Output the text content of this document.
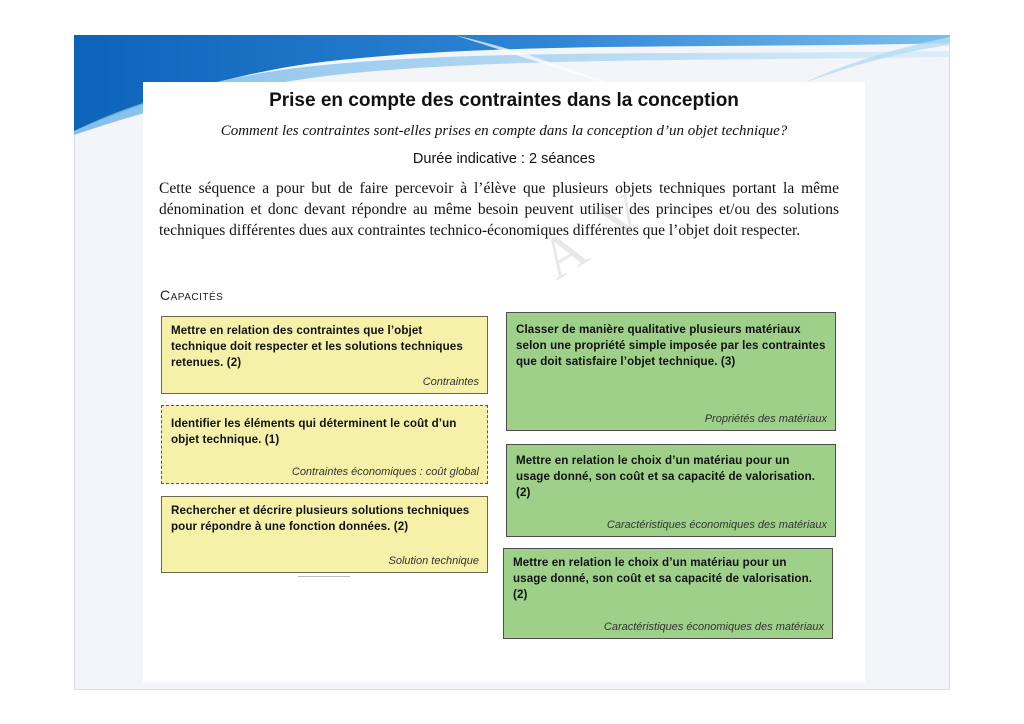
Prise en compte des contraintes dans la conception
Comment les contraintes sont-elles prises en compte dans la conception d’un objet technique?
Durée indicative : 2 séances

Cette séquence a pour but de faire percevoir à l’élève que plusieurs objets techniques portant la même dénomination et donc devant répondre au même besoin peuvent utiliser des principes et/ou des solutions techniques différentes dues aux contraintes technico-économiques différentes que l’objet doit respecter.

Capacités
A V
Mettre en relation des contraintes que l’objet technique doit respecter et les solutions techniques retenues. (2)
Contraintes
Identifier les éléments qui déterminent le coût d’un objet technique. (1)
Contraintes économiques : coût global
Rechercher et décrire plusieurs solutions techniques pour répondre à une fonction données. (2)
Solution technique
Classer de manière qualitative plusieurs matériaux selon une propriété simple imposée par les contraintes que doit satisfaire l’objet technique. (3)
Propriétés des matériaux
Mettre en relation le choix d’un matériau pour un usage donné, son coût et sa capacité de valorisation. (2)
Caractéristiques économiques des matériaux
Mettre en relation le choix d’un matériau pour un usage donné, son coût et sa capacité de valorisation. (2)
Caractéristiques économiques des matériaux
